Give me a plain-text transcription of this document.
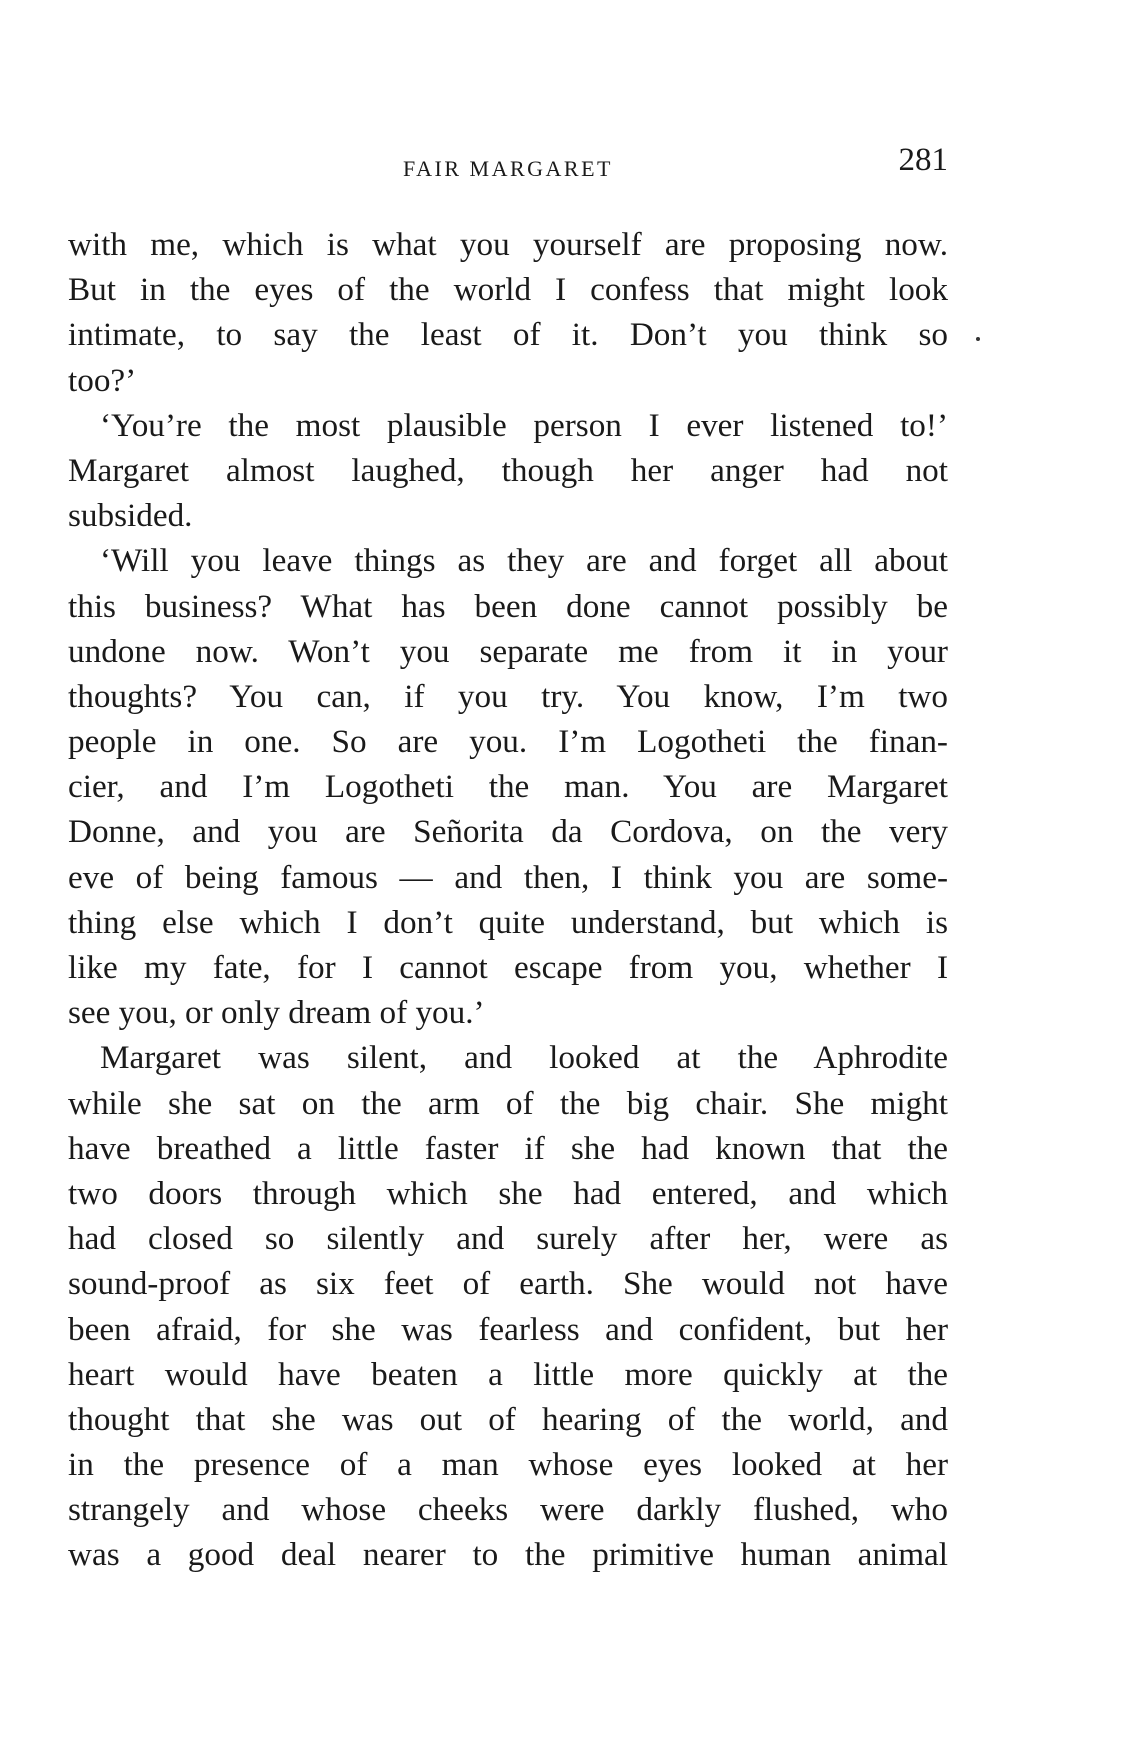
FAIR MARGARET	281
with me, which is what you yourself are proposing now.
But in the eyes of the world I confess that might look
intimate, to say the least of it. Don’t you think so
too?’
‘You’re the most plausible person I ever listened to!’
Margaret almost laughed, though her anger had not
subsided.
‘Will you leave things as they are and forget all about
this business? What has been done cannot possibly be
undone now. Won’t you separate me from it in your
thoughts? You can, if you try. You know, I’m two
people in one. So are you. I’m Logotheti the finan-
cier, and I’m Logotheti the man. You are Margaret
Donne, and you are Señorita da Cordova, on the very
eve of being famous — and then, I think you are some-
thing else which I don’t quite understand, but which is
like my fate, for I cannot escape from you, whether I
see you, or only dream of you.’
Margaret was silent, and looked at the Aphrodite
while she sat on the arm of the big chair. She might
have breathed a little faster if she had known that the
two doors through which she had entered, and which
had closed so silently and surely after her, were as
sound-proof as six feet of earth. She would not have
been afraid, for she was fearless and confident, but her
heart would have beaten a little more quickly at the
thought that she was out of hearing of the world, and
in the presence of a man whose eyes looked at her
strangely and whose cheeks were darkly flushed, who
was a good deal nearer to the primitive human animal
